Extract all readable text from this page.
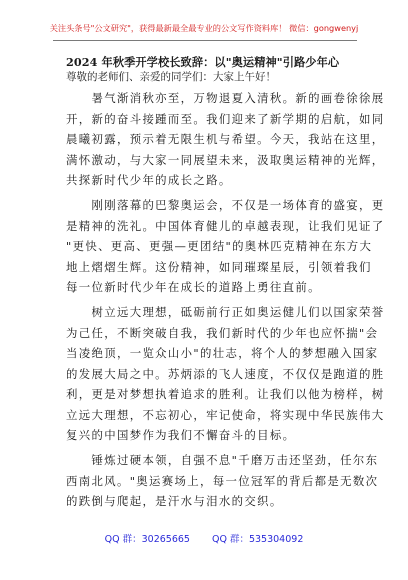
关注头条号"公文研究"，获得最新最全最专业的公文写作资料库！ 微信：gongwenyj
2024 年秋季开学校长致辞：以"奥运精神"引路少年心
尊敬的老师们、亲爱的同学们：大家上午好！
　　暑气渐消秋亦至，万物退夏入清秋。新的画卷徐徐展
开，新的奋斗接踵而至。我们迎来了新学期的启航，如同
晨曦初露，预示着无限生机与希望。今天，我站在这里，
满怀激动，与大家一同展望未来，汲取奥运精神的光辉，
共探新时代少年的成长之路。
　　刚刚落幕的巴黎奥运会，不仅是一场体育的盛宴，更
是精神的洗礼。中国体育健儿的卓越表现，让我们见证了
"更快、更高、更强—更团结"的奥林匹克精神在东方大
地上熠熠生辉。这份精神，如同璀璨星辰，引领着我们
每一位新时代少年在成长的道路上勇往直前。
　　树立远大理想，砥砺前行正如奥运健儿们以国家荣誉
为己任，不断突破自我，我们新时代的少年也应怀揣"会
当凌绝顶，一览众山小"的壮志，将个人的梦想融入国家
的发展大局之中。苏炳添的飞人速度，不仅仅是跑道的胜
利，更是对梦想执着追求的胜利。让我们以他为榜样，树
立远大理想，不忘初心，牢记使命，将实现中华民族伟大
复兴的中国梦作为我们不懈奋斗的目标。
　　锤炼过硬本领，自强不息"千磨万击还坚劲，任尔东
西南北风。"奥运赛场上，每一位冠军的背后都是无数次
的跌倒与爬起，是汗水与泪水的交织。
QQ 群：30265665 QQ 群：535304092
